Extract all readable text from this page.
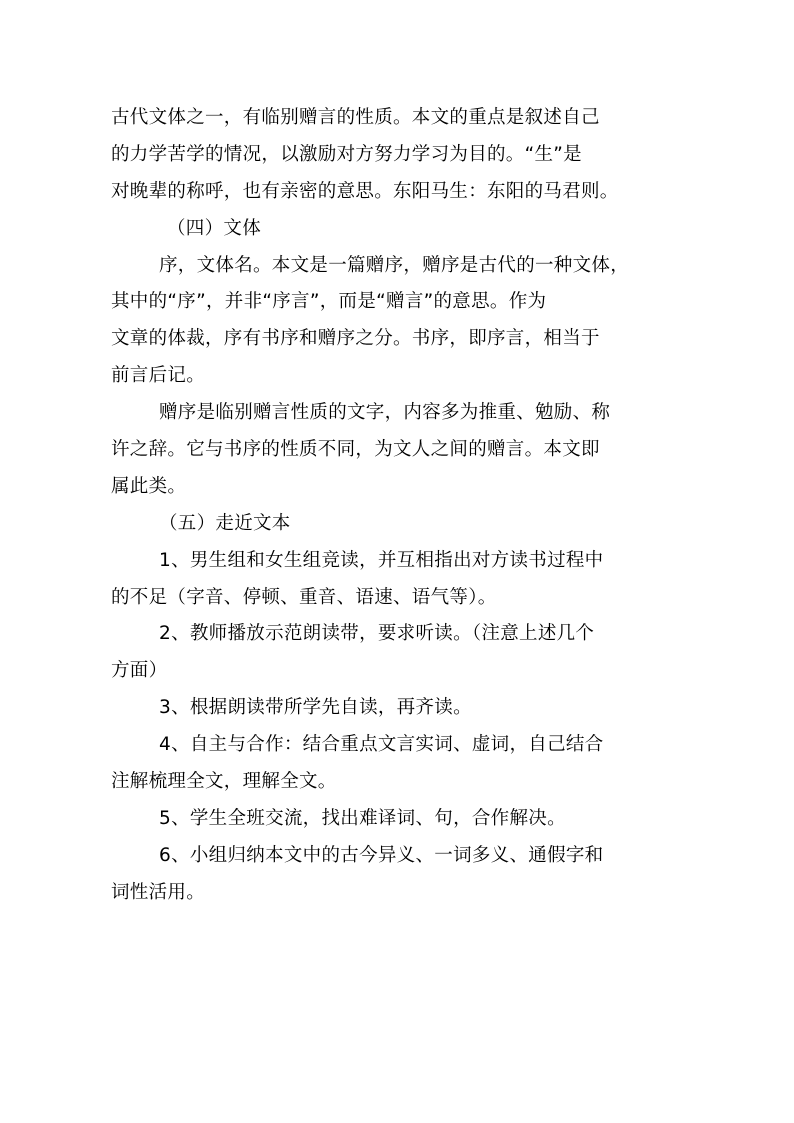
古代文体之一，有临别赠言的性质。本文的重点是叙述自己
的力学苦学的情况，以激励对方努力学习为目的。“生”是
对晚辈的称呼，也有亲密的意思。东阳马生：东阳的马君则。
（四）文体
序，文体名。本文是一篇赠序，赠序是古代的一种文体，
其中的“序”，并非“序言”，而是“赠言”的意思。作为
文章的体裁，序有书序和赠序之分。书序，即序言，相当于
前言后记。
赠序是临别赠言性质的文字，内容多为推重、勉励、称
许之辞。它与书序的性质不同，为文人之间的赠言。本文即
属此类。
（五）走近文本
1、男生组和女生组竞读，并互相指出对方读书过程中
的不足（字音、停顿、重音、语速、语气等）。
2、教师播放示范朗读带，要求听读。（注意上述几个
方面）
3、根据朗读带所学先自读，再齐读。
4、自主与合作：结合重点文言实词、虚词，自己结合
注解梳理全文，理解全文。
5、学生全班交流，找出难译词、句，合作解决。
6、小组归纳本文中的古今异义、一词多义、通假字和
词性活用。
